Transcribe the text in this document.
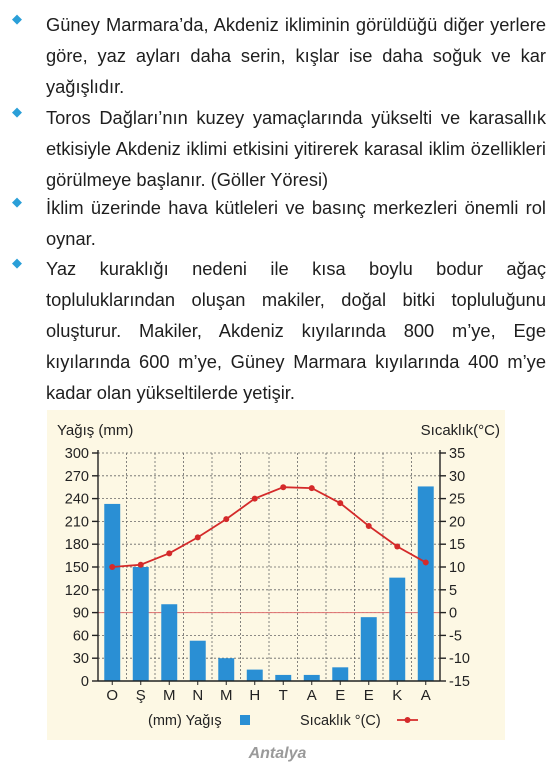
◆ Güney Marmara’da, Akdeniz ikliminin görüldüğü diğer yerlere göre, yaz ayları daha serin, kışlar ise daha soğuk ve kar yağışlıdır.
◆ Toros Dağları’nın kuzey yamaçlarında yükselti ve karasallık etkisiyle Akdeniz iklimi etkisini yitirerek karasal iklim özellikleri görülmeye başlanır. (Göller Yöresi)
◆ İklim üzerinde hava kütleleri ve basınç merkezleri önemli rol oynar.
◆ Yaz kuraklığı nedeni ile kısa boylu bodur ağaç topluluklarından oluşan makiler, doğal bitki topluluğunu oluşturur. Makiler, Akdeniz kıyılarında 800 m’ye, Ege kıyılarında 600 m’ye, Güney Marmara kıyılarında 400 m’ye kadar olan yükseltilerde yetişir.
0
30
60
90
120
150
180
210
240
270
300
-15
-10
-5
0
5
10
15
20
25
30
35
O Ş M N M H T A E E K A
Yağış (mm)	Sıcaklık(°C)
(mm) Yağış	Sıcaklık °(C)
Antalya
